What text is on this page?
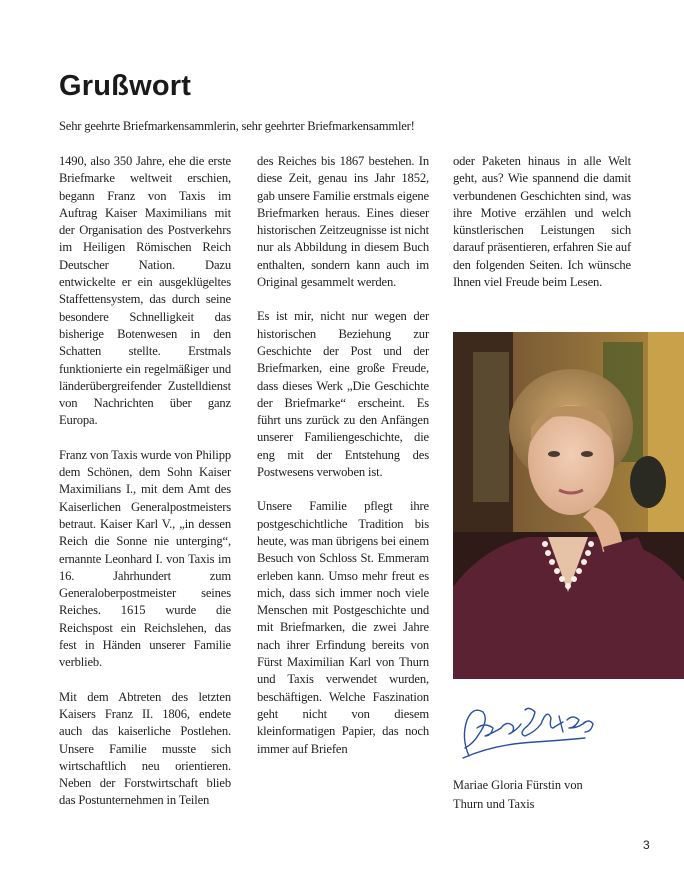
Grußwort
Sehr geehrte Briefmarkensammlerin, sehr geehrter Briefmarkensammler!

1490, also 350 Jahre, ehe die erste Briefmarke weltweit erschien, begann Franz von Taxis im Auftrag Kaiser Maximilians mit der Organisation des Postverkehrs im Heiligen Römischen Reich Deutscher Nation. Dazu entwickelte er ein ausgeklügeltes Staffettensystem, das durch seine besondere Schnelligkeit das bisherige Botenwesen in den Schatten stellte. Erstmals funktionierte ein regelmäßiger und länderübergreifender Zustelldienst von Nachrichten über ganz Europa.

Franz von Taxis wurde von Philipp dem Schönen, dem Sohn Kaiser Maximilians I., mit dem Amt des Kaiserlichen Generalpostmeisters betraut. Kaiser Karl V., „in dessen Reich die Sonne nie unterging“, ernannte Leonhard I. von Taxis im 16. Jahrhundert zum Generaloberpostmeister seines Reiches. 1615 wurde die Reichspost ein Reichslehen, das fest in Händen unserer Familie verblieb.

Mit dem Abtreten des letzten Kaisers Franz II. 1806, endete auch das kaiserliche Postlehen. Unsere Familie musste sich wirtschaftlich neu orientieren. Neben der Forstwirtschaft blieb das Postunternehmen in Teilen

des Reiches bis 1867 bestehen. In diese Zeit, genau ins Jahr 1852, gab unsere Familie erstmals eigene Briefmarken heraus. Eines dieser historischen Zeitzeugnisse ist nicht nur als Abbildung in diesem Buch enthalten, sondern kann auch im Original gesammelt werden.

Es ist mir, nicht nur wegen der historischen Beziehung zur Geschichte der Post und der Briefmarken, eine große Freude, dass dieses Werk „Die Geschichte der Briefmarke“ erscheint. Es führt uns zurück zu den Anfängen unserer Familiengeschichte, die eng mit der Entstehung des Postwesens verwoben ist.

Unsere Familie pflegt ihre postgeschichtliche Tradition bis heute, was man übrigens bei einem Besuch von Schloss St. Emmeram erleben kann. Umso mehr freut es mich, dass sich immer noch viele Menschen mit Postgeschichte und mit Briefmarken, die zwei Jahre nach ihrer Erfindung bereits von Fürst Maximilian Karl von Thurn und Taxis verwendet wurden, beschäftigen. Welche Faszination geht nicht von diesem kleinformatigen Papier, das noch immer auf Briefen

oder Paketen hinaus in alle Welt geht, aus? Wie spannend die damit verbundenen Geschichten sind, was ihre Motive erzählen und welch künstlerischen Leistungen sich darauf präsentieren, erfahren Sie auf den folgenden Seiten. Ich wünsche Ihnen viel Freude beim Lesen.

Mariae Gloria Fürstin von
Thurn und Taxis
3
